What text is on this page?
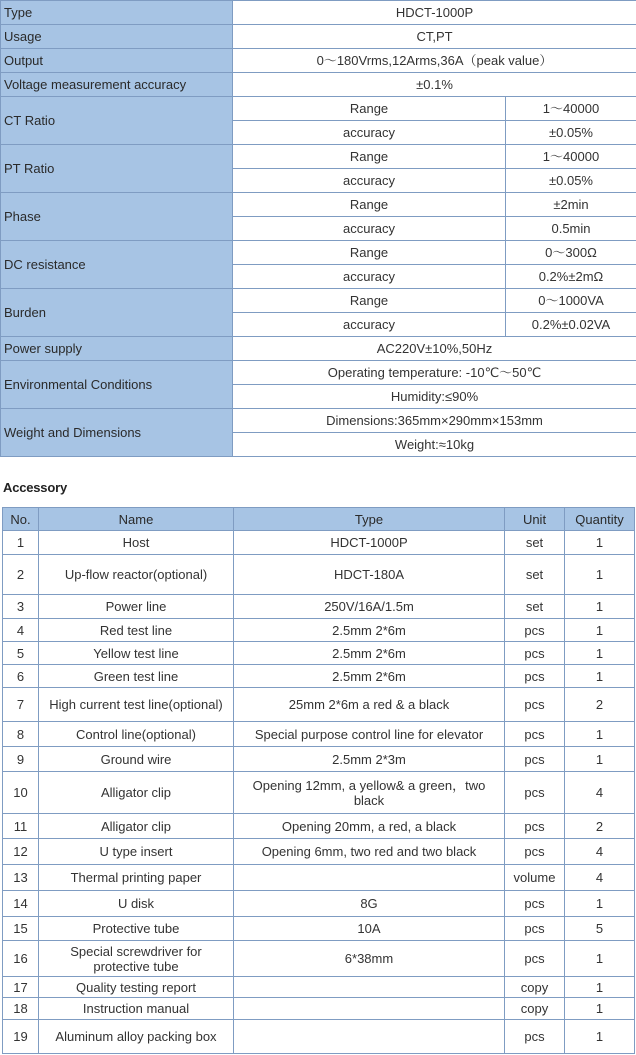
Type	HDCT-1000P	
Usage	CT,PT	
Output	0～180Vrms,12Arms,36A（peak value）	
Voltage measurement accuracy	±0.1%	
CT Ratio	Range	1～40000
	accuracy	±0.05%
PT Ratio	Range	1～40000
	accuracy	±0.05%
Phase	Range	±2min
	accuracy	0.5min
DC resistance	Range	0～300Ω
	accuracy	0.2%±2mΩ
Burden	Range	0～1000VA
	accuracy	0.2%±0.02VA
Power supply	AC220V±10%,50Hz	
Environmental Conditions	Operating temperature: -10℃～50℃	
	Humidity:≤90%	
Weight and Dimensions	Dimensions:365mm×290mm×153mm	
	Weight:≈10kg	
Accessory
No.	Name	Type	Unit	Quantity
1	Host	HDCT-1000P	set	1
2	Up-flow reactor(optional)	HDCT-180A	set	1
3	Power line	250V/16A/1.5m	set	1
4	Red test line	2.5mm 2*6m	pcs	1
5	Yellow test line	2.5mm 2*6m	pcs	1
6	Green test line	2.5mm 2*6m	pcs	1
7	High current test line(optional)	25mm 2*6m a red & a black	pcs	2
8	Control line(optional)	Special purpose control line for elevator	pcs	1
9	Ground wire	2.5mm 2*3m	pcs	1
10	Alligator clip	Opening 12mm, a yellow& a green，two black	pcs	4
11	Alligator clip	Opening 20mm, a red, a black	pcs	2
12	U type insert	Opening 6mm, two red and two black	pcs	4
13	Thermal printing paper		volume	4
14	U disk	8G	pcs	1
15	Protective tube	10A	pcs	5
16	Special screwdriver for protective tube	6*38mm	pcs	1
17	Quality testing report		copy	1
18	Instruction manual		copy	1
19	Aluminum alloy packing box		pcs	1
